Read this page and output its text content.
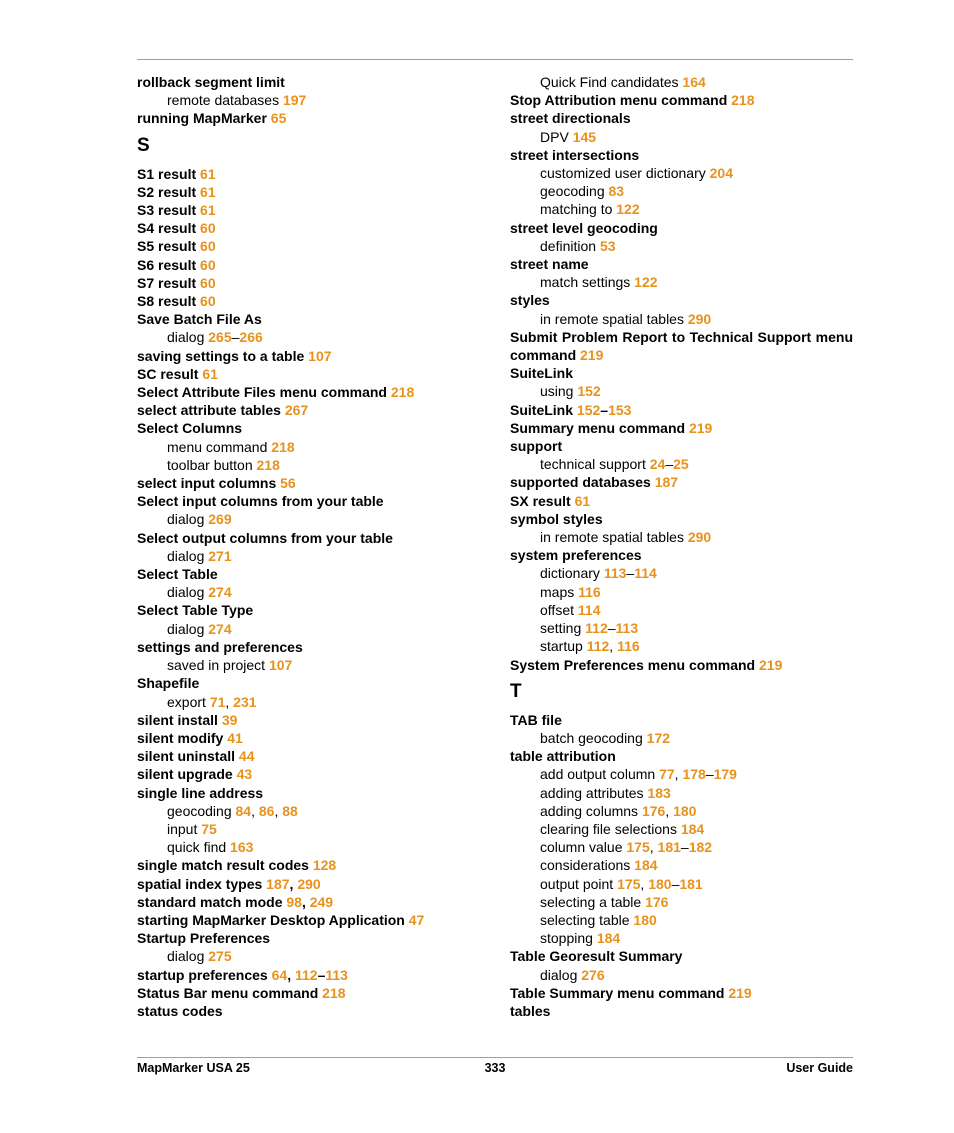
rollback segment limit
remote databases 197
running MapMarker 65
S
S1 result 61
S2 result 61
S3 result 61
S4 result 60
S5 result 60
S6 result 60
S7 result 60
S8 result 60
Save Batch File As
dialog 265–266
saving settings to a table 107
SC result 61
Select Attribute Files menu command 218
select attribute tables 267
Select Columns
menu command 218
toolbar button 218
select input columns 56
Select input columns from your table
dialog 269
Select output columns from your table
dialog 271
Select Table
dialog 274
Select Table Type
dialog 274
settings and preferences
saved in project 107
Shapefile
export 71, 231
silent install 39
silent modify 41
silent uninstall 44
silent upgrade 43
single line address
geocoding 84, 86, 88
input 75
quick find 163
single match result codes 128
spatial index types 187, 290
standard match mode 98, 249
starting MapMarker Desktop Application 47
Startup Preferences
dialog 275
startup preferences 64, 112–113
Status Bar menu command 218
status codes
Quick Find candidates 164
Stop Attribution menu command 218
street directionals
DPV 145
street intersections
customized user dictionary 204
geocoding 83
matching to 122
street level geocoding
definition 53
street name
match settings 122
styles
in remote spatial tables 290
Submit Problem Report to Technical Support menu command 219
SuiteLink
using 152
SuiteLink 152–153
Summary menu command 219
support
technical support 24–25
supported databases 187
SX result 61
symbol styles
in remote spatial tables 290
system preferences
dictionary 113–114
maps 116
offset 114
setting 112–113
startup 112, 116
System Preferences menu command 219
T
TAB file
batch geocoding 172
table attribution
add output column 77, 178–179
adding attributes 183
adding columns 176, 180
clearing file selections 184
column value 175, 181–182
considerations 184
output point 175, 180–181
selecting a table 176
selecting table 180
stopping 184
Table Georesult Summary
dialog 276
Table Summary menu command 219
tables
MapMarker USA 25	333	User Guide
